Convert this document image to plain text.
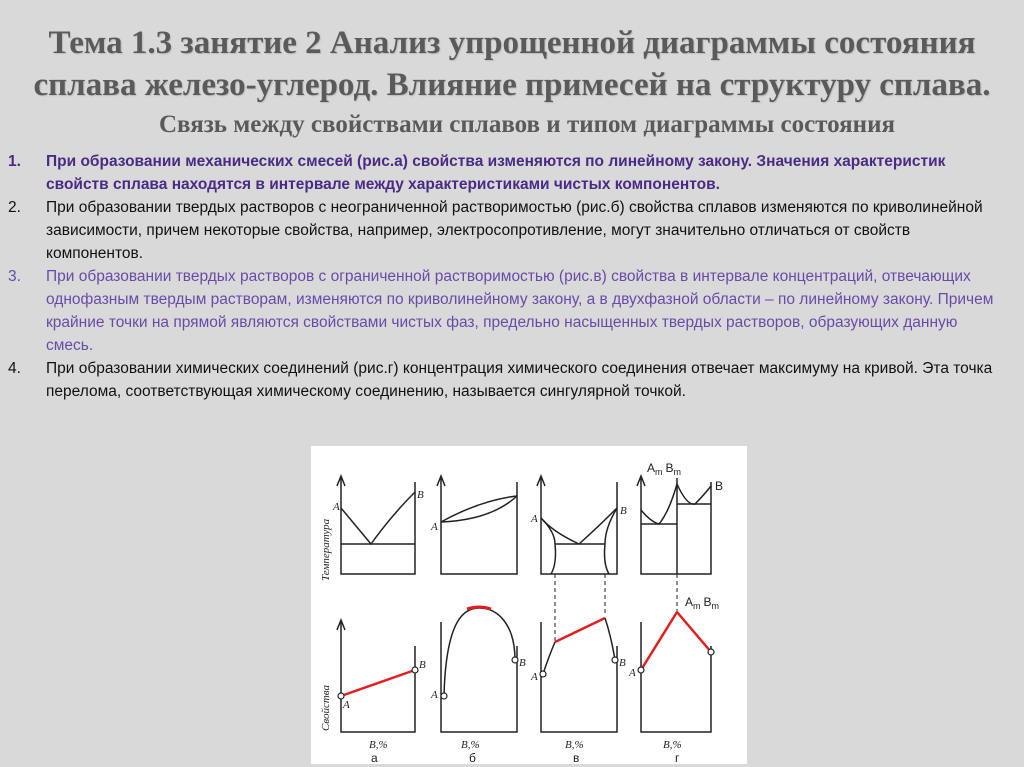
Тема 1.3 занятие 2 Анализ упрощенной диаграммы состояния
сплава железо-углерод. Влияние примесей на структуру сплава.
Связь между свойствами сплавов и типом диаграммы состояния
1. При образовании механических смесей (рис.а) свойства изменяются по линейному закону. Значения характеристик свойств сплава находятся в интервале между характеристиками чистых компонентов.
2. При образовании твердых растворов с неограниченной растворимостью (рис.б) свойства сплавов изменяются по криволинейной зависимости, причем некоторые свойства, например, электросопротивление, могут значительно отличаться от свойств компонентов.
3. При образовании твердых растворов с ограниченной растворимостью (рис.в) свойства в интервале концентраций, отвечающих однофазным твердым растворам, изменяются по криволинейному закону, а в двухфазной области – по линейному закону. Причем крайние точки на прямой являются свойствами чистых фаз, предельно насыщенных твердых растворов, образующих данную смесь.
4. При образовании химических соединений (рис.г) концентрация химического соединения отвечает максимуму на кривой. Эта точка перелома, соответствующая химическому соединению, называется сингулярной точкой.
Температура
Свойства
A
B
A
B
B,%
а
A
A
B
B,%
б
A
B
A
B
B,%
в
$A_m$ $B_m$
B
$A_m$ $B_m$
A
B,%
г
